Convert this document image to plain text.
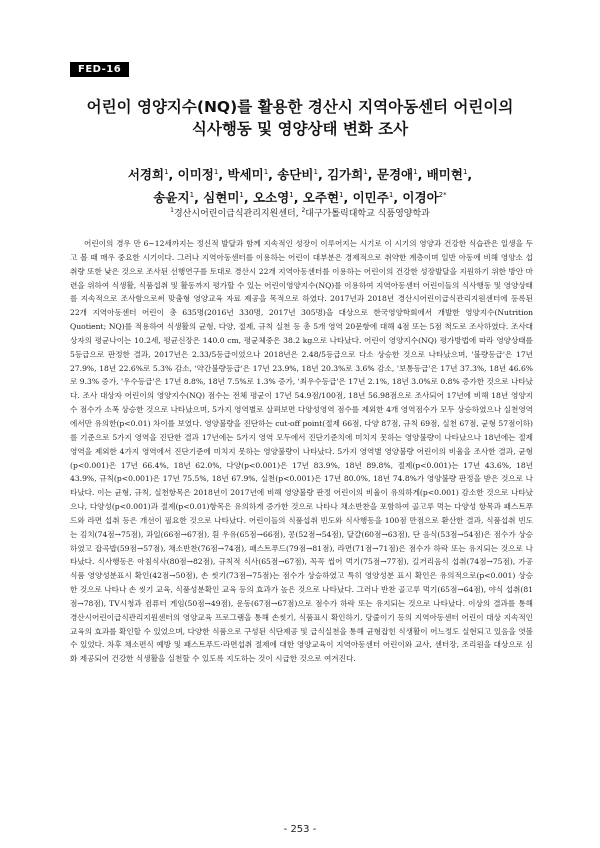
FED-16
어린이 영양지수(NQ)를 활용한 경산시 지역아동센터 어린이의
식사행동 및 영양상태 변화 조사
서경희$^1$, 이미정$^1$, 박세미$^1$, 송단비$^1$, 김가희$^1$, 문경애$^1$, 배미현$^1$,
송윤지$^1$, 심현미$^1$, 오소영$^1$, 오주현$^1$, 이민주$^1$, 이경아$^{2*}$
$^1$경산시어린이급식관리지원센터, $^2$대구가톨릭대학교 식품영양학과

어린이의 경우 만 6~12세까지는 정신적 발달과 함께 지속적인 성장이 이루어지는 시기로 이 시기의 영양과 건강한 식습관은 일생을 두고 볼 때 매우 중요한 시기이다. 그러나 지역아동센터를 이용하는 어린이 대부분은 경제적으로 취약한 계층이며 일반 아동에 비해 영양소 섭취량 또한 낮은 것으로 조사된 선행연구를 토대로 경산시 22개 지역아동센터를 이용하는 어린이의 건강한 성장발달을 지원하기 위한 방안 마련을 위하여 식생활, 식품섭취 및 활동까지 평가할 수 있는 어린이영양지수(NQ)를 이용하여 지역아동센터 어린이들의 식사행동 및 영양상태를 지속적으로 조사함으로써 맞춤형 영양교육 자료 제공을 목적으로 하였다. 2017년과 2018년 경산시어린이급식관리지원센터에 등록된 22개 지역아동센터 어린이 총 635명(2016년 330명, 2017년 305명)을 대상으로 한국영양학회에서 개발한 영양지수(Nutrition Quotient; NQ)를 적용하여 식생활의 균형, 다양, 절제, 규칙 실천 등 총 5개 영역 20문항에 대해 4점 또는 5점 척도로 조사하였다. 조사대상자의 평균나이는 10.2세, 평균신장은 140.0 cm, 평균체중은 38.2 kg으로 나타났다. 어린이 영양지수(NQ) 평가방법에 따라 영양상태를 5등급으로 판정한 결과, 2017년은 2.33/5등급이었으나 2018년은 2.48/5등급으로 다소 상승한 것으로 나타났으며, '불량등급'은 17년 27.9%, 18년 22.6%로 5.3% 감소, '약간불량등급'은 17년 23.9%, 18년 20.3%로 3.6% 감소, '보통등급'은 17년 37.3%, 18년 46.6%로 9.3% 증가, '우수등급'은 17년 8.8%, 18년 7.5%로 1.3% 증가, '최우수등급'은 17년 2.1%, 18년 3.0%로 0.8% 증가한 것으로 나타났다. 조사 대상자 어린이의 영양지수(NQ) 점수는 전체 평균이 17년 54.9점/100점, 18년 56.98점으로 조사되어 17년에 비해 18년 영양지수 점수가 소폭 상승한 것으로 나타났으며, 5가지 영역별로 살펴보면 다양성영역 점수를 제외한 4개 영역점수가 모두 상승하였으나 실천영역에서만 유의한(p<0.01) 차이를 보였다. 영양불량을 진단하는 cut-off point(절제 66점, 다양 87점, 규칙 69점, 실천 67점, 균형 57점이하)를 기준으로 5가지 영역을 진단한 결과 17년에는 5가지 영역 모두에서 진단기준치에 미치지 못하는 영양불량이 나타났으나 18년에는 절제영역을 제외한 4가지 영역에서 진단기준에 미치지 못하는 영양불량이 나타났다. 5가지 영역별 영양불량 어린이의 비율을 조사한 결과, 균형(p<0.001)은 17년 66.4%, 18년 62.0%, 다양(p<0.001)은 17년 83.9%, 18년 89.8%, 절제(p<0.001)는 17년 43.6%, 18년 43.9%, 규칙(p<0.001)은 17년 75.5%, 18년 67.9%, 실천(p<0.001)은 17년 80.0%, 18년 74.8%가 영양불량 판정을 받은 것으로 나타났다. 이는 균형, 규칙, 실천항목은 2018년이 2017년에 비해 영양불량 판정 어린이의 비율이 유의하게(p<0.001) 감소한 것으로 나타났으나, 다양성(p<0.001)과 절제(p<0.01)항목은 유의하게 증가한 것으로 나타나 채소반찬을 포함하여 골고루 먹는 다양성 항목과 패스트푸드와 라면 섭취 등은 개선이 필요한 것으로 나타났다. 어린이들의 식품섭취 빈도와 식사행동을 100점 만점으로 환산한 결과, 식품섭취 빈도는 김치(74점→75점), 과일(66점→67점), 흰 우유(65점→66점), 콩(52점→54점), 달걀(60점→63점), 단 음식(53점→54점)은 점수가 상승하였고 잡곡밥(59점→57점), 채소반찬(76점→74점), 패스트푸드(79점→81점), 라면(71점→71점)은 점수가 하락 또는 유지되는 것으로 나타났다. 식사행동은 아침식사(80점→82점), 규칙적 식사(65점→67점), 꼭꼭 씹어 먹기(75점→77점), 길거리음식 섭취(74점→75점), 가공식품 영양성분표시 확인(42점→50점), 손 씻기(73점→75점)는 점수가 상승하였고 특히 영양성분 표시 확인은 유의적으로(p<0.001) 상승한 것으로 나타나 손 씻기 교육, 식품성분확인 교육 등의 효과가 높은 것으로 나타났다. 그러나 반찬 골고루 먹기(65점→64점), 야식 섭취(81점→78점), TV시청과 컴퓨터 게임(50점→49점), 운동(67점→67점)으로 점수가 하락 또는 유지되는 것으로 나타났다. 이상의 결과를 통해 경산시어린이급식관리지원센터의 영양교육 프로그램을 통해 손씻기, 식품표시 확인하기, 당줄이기 등의 지역아동센터 어린이 대상 지속적인 교육의 효과를 확인할 수 있었으며, 다양한 식품으로 구성된 식단제공 및 급식실천을 통해 균형잡힌 식생활이 어느정도 실현되고 있음을 엿볼 수 있었다. 차후 채소편식 예방 및 패스트푸드·라면섭취 절제에 대한 영양교육이 지역아동센터 어린이와 교사, 센터장, 조리원을 대상으로 심화 제공되어 건강한 식생활을 실천할 수 있도록 지도하는 것이 시급한 것으로 여겨진다.

- 253 -
